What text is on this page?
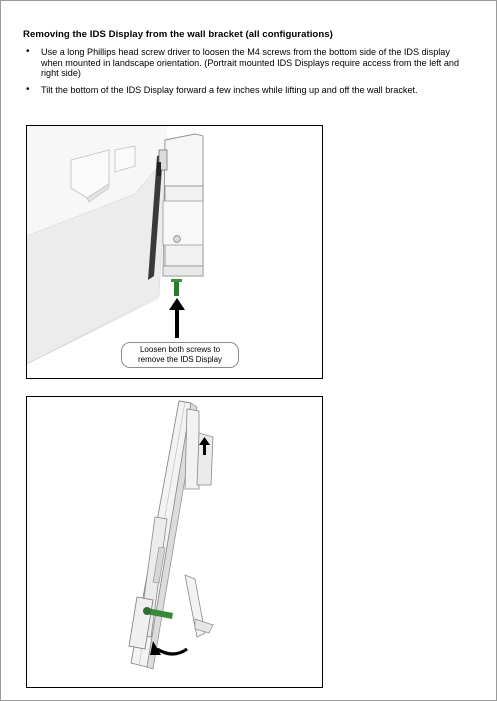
Removing the IDS Display from the wall bracket (all configurations)
• Use a long Phillips head screw driver to loosen the M4 screws from the bottom side of the IDS display when mounted in landscape orientation. (Portrait mounted IDS Displays require access from the left and right side)
• Tilt the bottom of the IDS Display forward a few inches while lifting up and off the wall bracket.
Loosen both screws to
remove the IDS Display
